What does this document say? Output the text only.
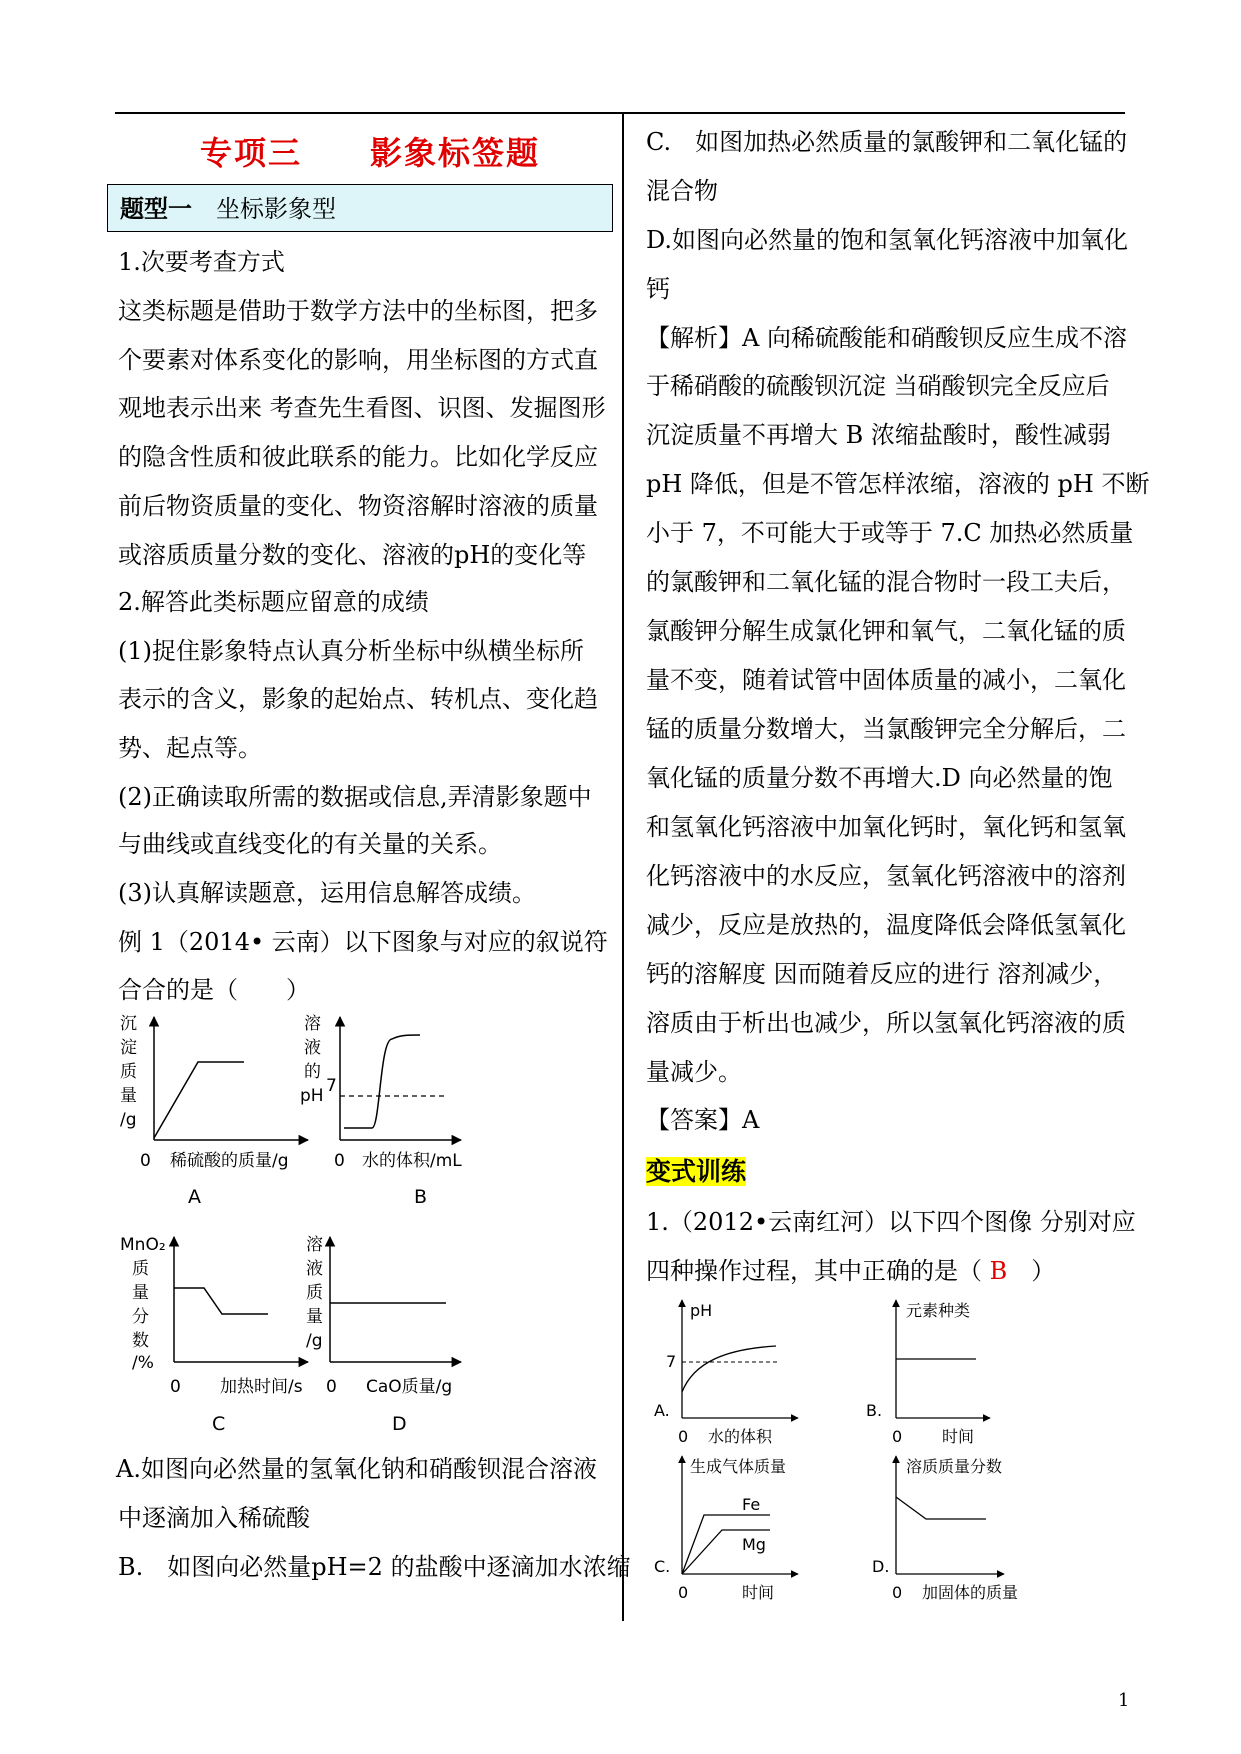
专项三　　影象标签题
题型一　 坐标影象型
1.次要考查方式
这类标题是借助于数学方法中的坐标图，把多
个要素对体系变化的影响，用坐标图的方式直
观地表示出来 考查先生看图、识图、发掘图形
的隐含性质和彼此联系的能力。比如化学反应
前后物资质量的变化、物资溶解时溶液的质量
或溶质质量分数的变化、溶液的pH的变化等
2.解答此类标题应留意的成绩
(1)捉住影象特点认真分析坐标中纵横坐标所
表示的含义，影象的起始点、转机点、变化趋
势、起点等。
(2)正确读取所需的数据或信息,弄清影象题中
与曲线或直线变化的有关量的关系。
(3)认真解读题意，运用信息解答成绩。
例 1（2014• 云南）以下图象与对应的叙说符
合合的是（　　）
A.如图向必然量的氢氧化钠和硝酸钡混合溶液
中逐滴加入稀硫酸
B.　如图向必然量pH=2 的盐酸中逐滴加水浓缩
沉
淀
质
量
/g
0 稀硫酸的质量/g
A
溶
液
的
pH 7
0 水的体积/mL
B
MnO₂
质
量
分
数
/%
0 加热时间/s
C
溶
液
质
量
/g
0 CaO质量/g
D
C.　如图加热必然质量的氯酸钾和二氧化锰的
混合物
D.如图向必然量的饱和氢氧化钙溶液中加氧化
钙
【解析】A 向稀硫酸能和硝酸钡反应生成不溶
于稀硝酸的硫酸钡沉淀 当硝酸钡完全反应后
沉淀质量不再增大 B 浓缩盐酸时，酸性减弱
pH 降低，但是不管怎样浓缩，溶液的 pH 不断
小于 7，不可能大于或等于 7.C 加热必然质量
的氯酸钾和二氧化锰的混合物时一段工夫后，
氯酸钾分解生成氯化钾和氧气，二氧化锰的质
量不变，随着试管中固体质量的减小，二氧化
锰的质量分数增大，当氯酸钾完全分解后，二
氧化锰的质量分数不再增大.D 向必然量的饱
和氢氧化钙溶液中加氧化钙时，氧化钙和氢氧
化钙溶液中的水反应，氢氧化钙溶液中的溶剂
减少，反应是放热的，温度降低会降低氢氧化
钙的溶解度 因而随着反应的进行 溶剂减少，
溶质由于析出也减少，所以氢氧化钙溶液的质
量减少。
【答案】A
变式训练
1.（2012•云南红河）以下四个图像 分别对应
四种操作过程，其中正确的是（ B　 ）
pH
7
A.
0 水的体积
元素种类
B.
0 时间
生成气体质量
Fe
Mg
C.
0	时间
溶质质量分数
D.
0 加固体的质量
1
